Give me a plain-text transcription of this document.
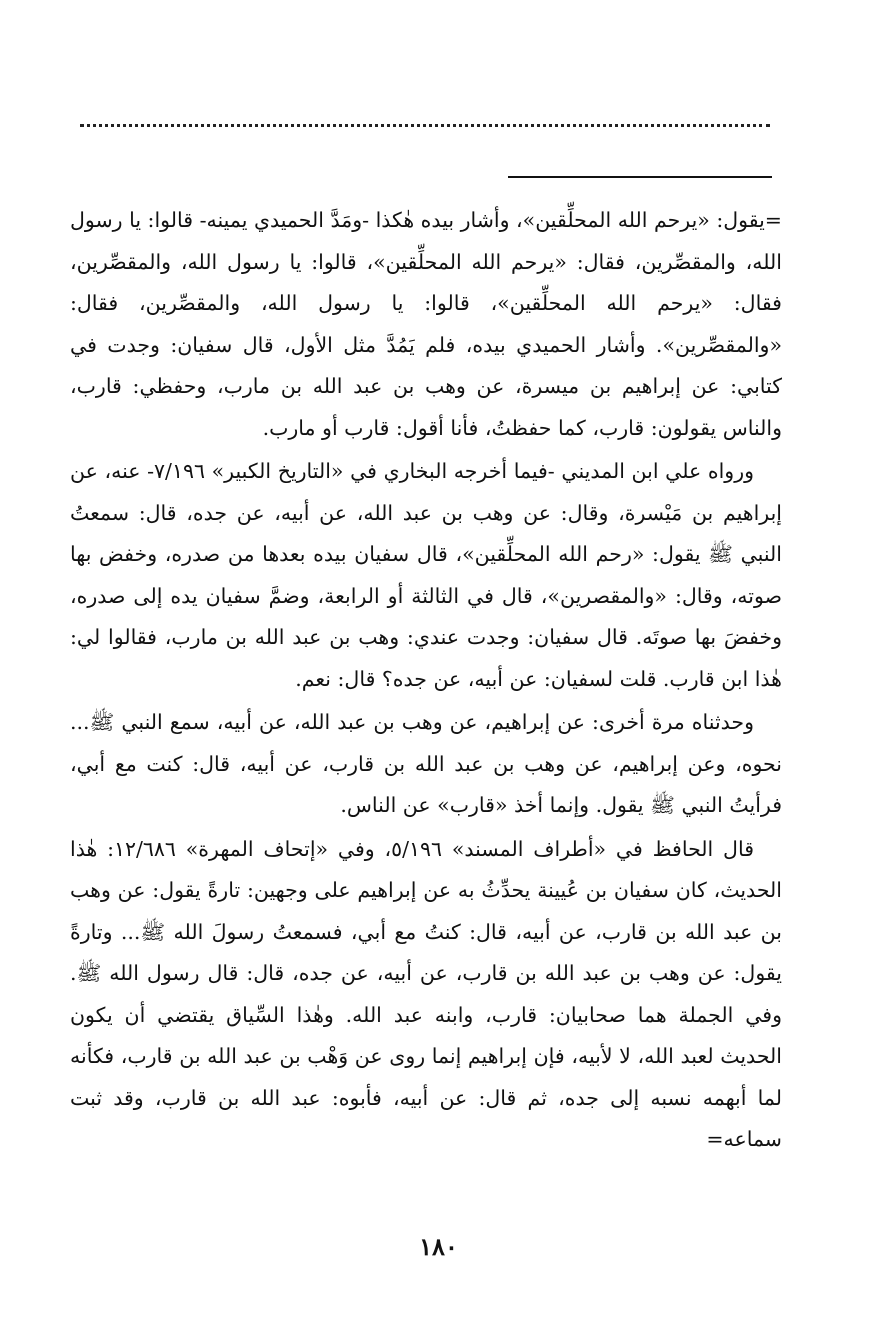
=يقول: «يرحم الله المحلِّقين»، وأشار بيده هٰكذا -ومَدَّ الحميدي يمينه- قالوا: يا رسول الله، والمقصِّرين، فقال: «يرحم الله المحلِّقين»، قالوا: يا رسول الله، والمقصِّرين، فقال: «يرحم الله المحلِّقين»، قالوا: يا رسول الله، والمقصِّرين، فقال: «والمقصِّرين». وأشار الحميدي بيده، فلم يَمُدَّ مثل الأول، قال سفيان: وجدت في كتابي: عن إبراهيم بن ميسرة، عن وهب بن عبد الله بن مارب، وحفظي: قارب، والناس يقولون: قارب، كما حفظتُ، فأنا أقول: قارب أو مارب.

ورواه علي ابن المديني -فيما أخرجه البخاري في «التاريخ الكبير» ٧/١٩٦- عنه، عن إبراهيم بن مَيْسرة، وقال: عن وهب بن عبد الله، عن أبيه، عن جده، قال: سمعتُ النبي ﷺ يقول: «رحم الله المحلِّقين»، قال سفيان بيده بعدها من صدره، وخفض بها صوته، وقال: «والمقصرين»، قال في الثالثة أو الرابعة، وضمَّ سفيان يده إلى صدره، وخفضَ بها صوتَه. قال سفيان: وجدت عندي: وهب بن عبد الله بن مارب، فقالوا لي: هٰذا ابن قارب. قلت لسفيان: عن أبيه، عن جده؟ قال: نعم.

وحدثناه مرة أخرى: عن إبراهيم، عن وهب بن عبد الله، عن أبيه، سمع النبي ﷺ... نحوه، وعن إبراهيم، عن وهب بن عبد الله بن قارب، عن أبيه، قال: كنت مع أبي، فرأيتُ النبي ﷺ يقول. وإنما أخذ «قارب» عن الناس.

قال الحافظ في «أطراف المسند» ٥/١٩٦، وفي «إتحاف المهرة» ١٢/٦٨٦: هٰذا الحديث، كان سفيان بن عُيينة يحدِّثُ به عن إبراهيم على وجهين: تارةً يقول: عن وهب بن عبد الله بن قارب، عن أبيه، قال: كنتُ مع أبي، فسمعتُ رسولَ الله ﷺ... وتارةً يقول: عن وهب بن عبد الله بن قارب، عن أبيه، عن جده، قال: قال رسول الله ﷺ. وفي الجملة هما صحابيان: قارب، وابنه عبد الله. وهٰذا السِّياق يقتضي أن يكون الحديث لعبد الله، لا لأبيه، فإن إبراهيم إنما روى عن وَهْب بن عبد الله بن قارب، فكأنه لما أبهمه نسبه إلى جده، ثم قال: عن أبيه، فأبوه: عبد الله بن قارب، وقد ثبت سماعه=

١٨٠
